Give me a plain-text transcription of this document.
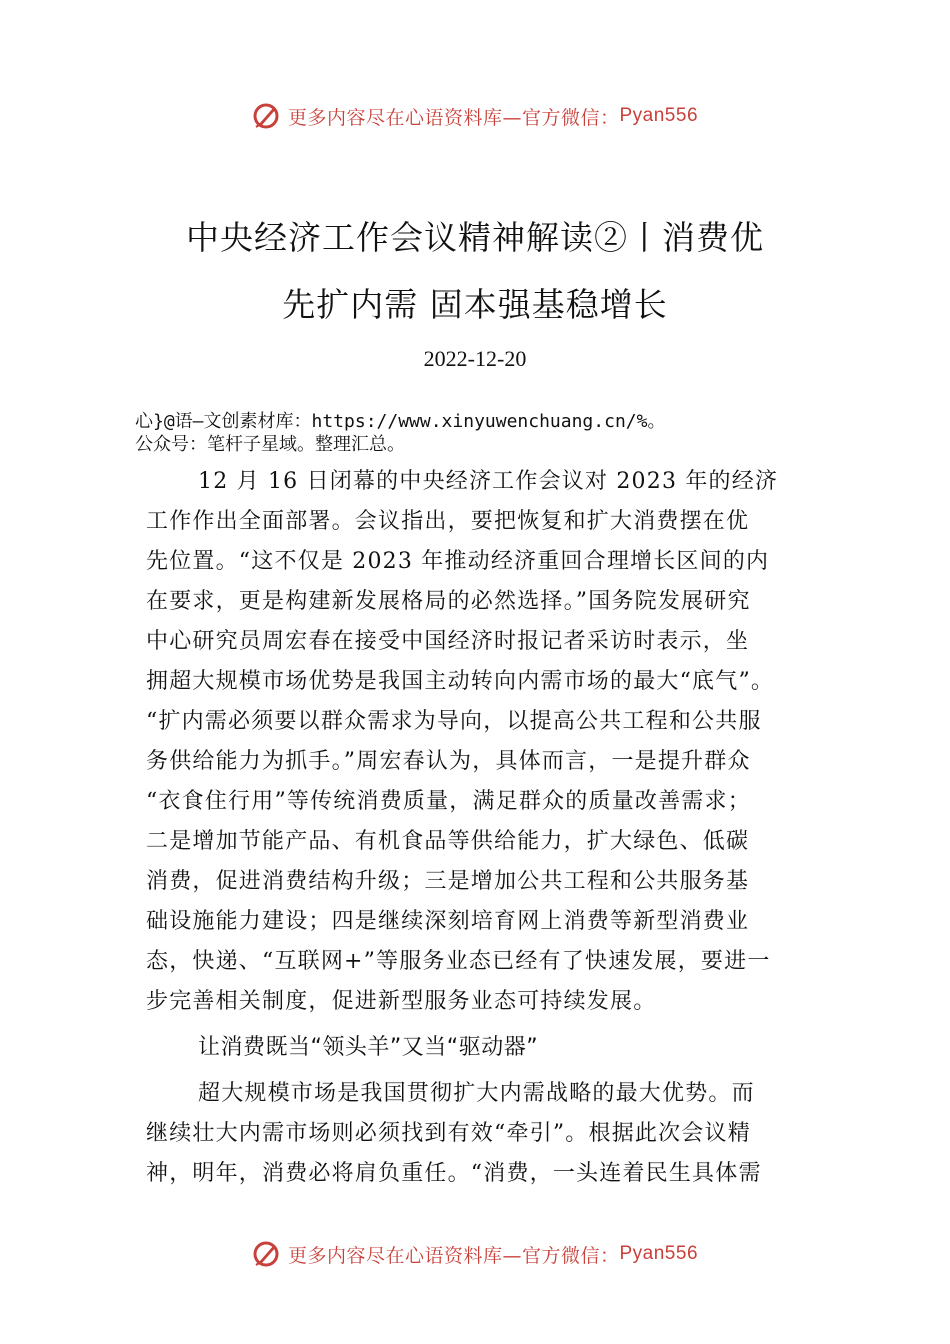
更多内容尽在心语资料库—官方微信： Pyan556
中央经济工作会议精神解读②丨消费优
先扩内需 固本强基稳增长
2022-12-20
心}@语—文创素材库：https://www.xinyuwenchuang.cn/%。
公众号：笔杆子星域。整理汇总。
12 月 16 日闭幕的中央经济工作会议对 2023 年的经济
工作作出全面部署。会议指出，要把恢复和扩大消费摆在优
先位置。“这不仅是 2023 年推动经济重回合理增长区间的内
在要求，更是构建新发展格局的必然选择。”国务院发展研究
中心研究员周宏春在接受中国经济时报记者采访时表示，坐
拥超大规模市场优势是我国主动转向内需市场的最大“底气”。
“扩内需必须要以群众需求为导向，以提高公共工程和公共服
务供给能力为抓手。”周宏春认为，具体而言，一是提升群众
“衣食住行用”等传统消费质量，满足群众的质量改善需求；
二是增加节能产品、有机食品等供给能力，扩大绿色、低碳
消费，促进消费结构升级；三是增加公共工程和公共服务基
础设施能力建设；四是继续深刻培育网上消费等新型消费业
态，快递、“互联网+”等服务业态已经有了快速发展，要进一
步完善相关制度，促进新型服务业态可持续发展。
让消费既当“领头羊”又当“驱动器”
超大规模市场是我国贯彻扩大内需战略的最大优势。而
继续壮大内需市场则必须找到有效“牵引”。根据此次会议精
神，明年，消费必将肩负重任。“消费，一头连着民生具体需
更多内容尽在心语资料库—官方微信： Pyan556
